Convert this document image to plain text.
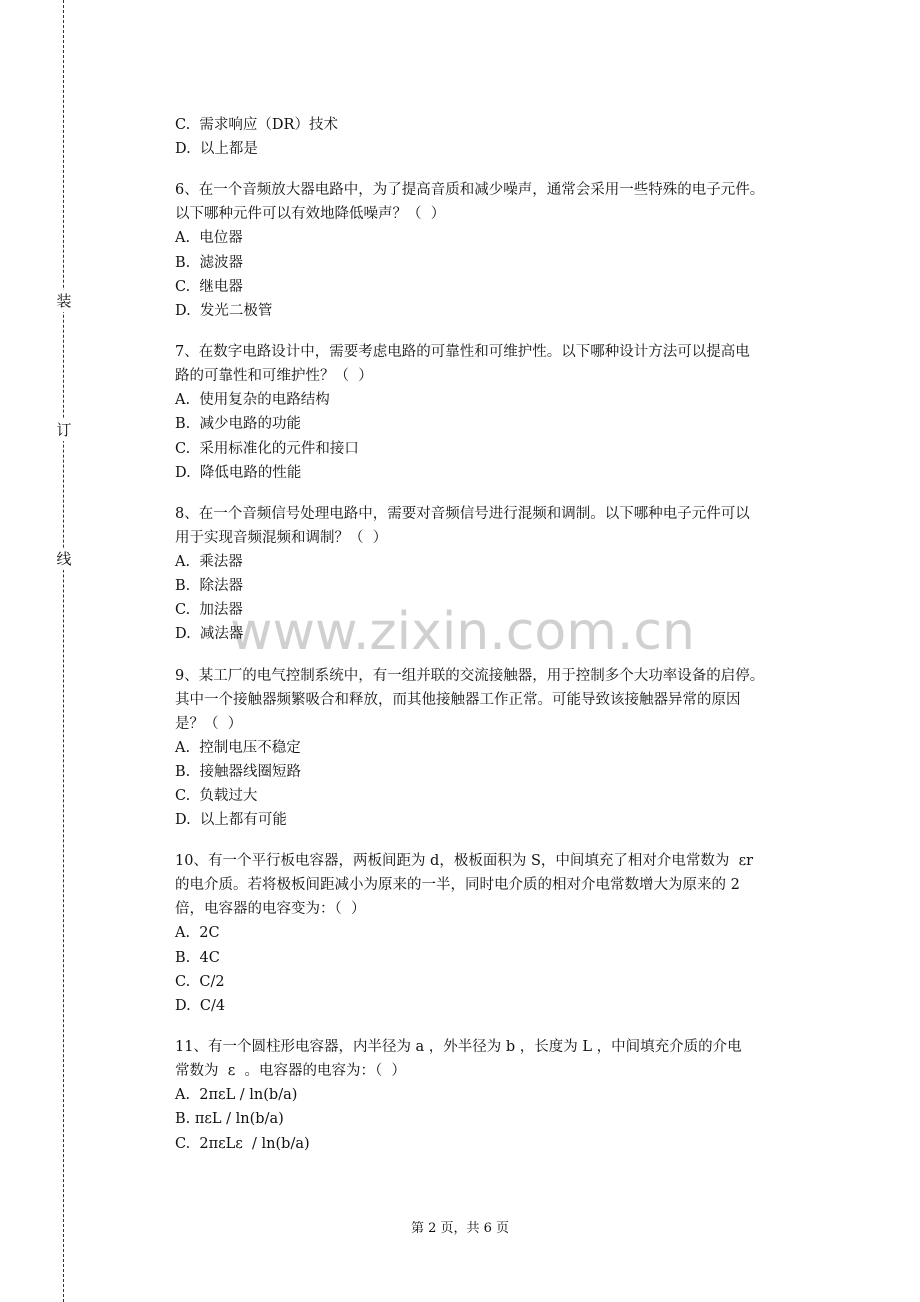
装
订
线
www.zixin.com.cn
C.  需求响应（DR）技术
D.  以上都是
6、在一个音频放大器电路中，为了提高音质和减少噪声，通常会采用一些特殊的电子元件。
以下哪种元件可以有效地降低噪声？（  ）
A.  电位器
B.  滤波器
C.  继电器
D.  发光二极管
7、在数字电路设计中，需要考虑电路的可靠性和可维护性。以下哪种设计方法可以提高电
路的可靠性和可维护性？（  ）
A.  使用复杂的电路结构
B.  减少电路的功能
C.  采用标准化的元件和接口
D.  降低电路的性能
8、在一个音频信号处理电路中，需要对音频信号进行混频和调制。以下哪种电子元件可以
用于实现音频混频和调制？（  ）
A.  乘法器
B.  除法器
C.  加法器
D.  减法器
9、某工厂的电气控制系统中，有一组并联的交流接触器，用于控制多个大功率设备的启停。
其中一个接触器频繁吸合和释放，而其他接触器工作正常。可能导致该接触器异常的原因
是？（  ）
A.  控制电压不稳定
B.  接触器线圈短路
C.  负载过大
D.  以上都有可能
10、有一个平行板电容器，两板间距为 d，极板面积为 S，中间填充了相对介电常数为  εr
的电介质。若将极板间距减小为原来的一半，同时电介质的相对介电常数增大为原来的 2
倍，电容器的电容变为：（  ）
A.  2C
B.  4C
C.  C/2
D.  C/4
11、有一个圆柱形电容器，内半径为 a ，外半径为 b ，长度为 L ，中间填充介质的介电
常数为  ε  。电容器的电容为：（  ）
A.  2πεL / ln(b/a)
B. πεL / ln(b/a)
C.  2πεLε  / ln(b/a)
第 2 页，共 6 页
